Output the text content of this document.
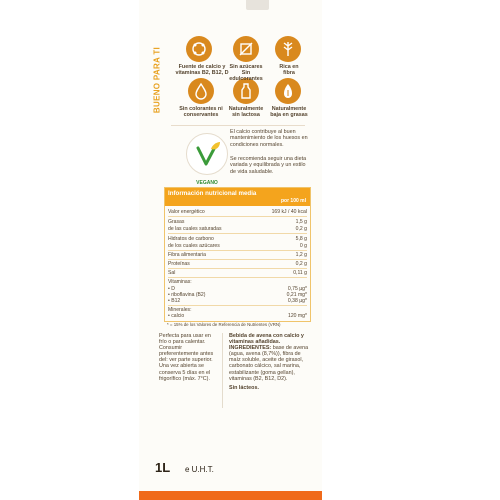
BUENO PARA TI	Fuente de calcio y vitaminas B2, B12, D
Sin azúcares Sin edulcorantes
Rica en fibra
Sin colorantes ni conservantes
Naturalmente sin lactosa
Naturalmente baja en grasas
VEGANO
El calcio contribuye al buen mantenimiento de los huesos en condiciones normales.
Se recomienda seguir una dieta variada y equilibrada y un estilo de vida saludable.
Información nutricional media
por 100 ml
Valor energético	169 kJ / 40 kcal
Grasas	1,5 g
de las cuales saturadas	0,2 g
Hidratos de carbono	5,8 g
de los cuales azúcares	0 g
Fibra alimentaria	1,2 g
Proteínas	0,2 g
Sal	0,11 g
Vitaminas:
• D	0,75 µg*
• riboflavina (B2)	0,21 mg*
• B12	0,38 µg*
Minerales:
• calcio	120 mg*
* = 15% de los Valores de Referencia de Nutrientes (VRN)
Perfecta para usar en frío o para calentar. Consumir preferentemente antes del: ver parte superior. Una vez abierta se conserva 5 días en el frigorífico (máx. 7°C).
Bebida de avena con calcio y vitaminas añadidas.
INGREDIENTES: base de avena (agua, avena (8,7%)), fibra de maíz soluble, aceite de girasol, carbonato cálcico, sal marina, estabilizante (goma gellan), vitaminas (B2, B12, D2).
Sin lácteos.
1L e U.H.T.
